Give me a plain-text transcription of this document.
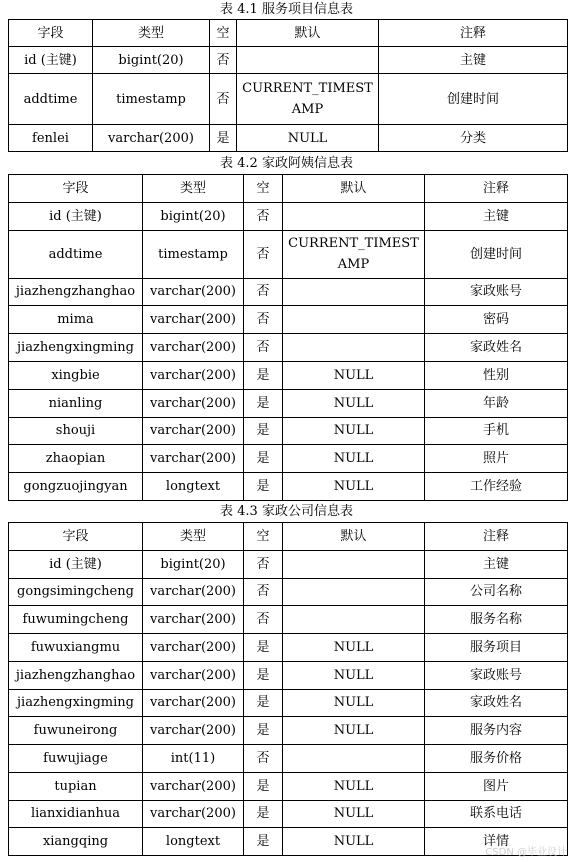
表 4.1 服务项目信息表
字段	类型	空	默认	注释
id (主键)	bigint(20)	否		主键
addtime	timestamp	否	CURRENT_TIMESTAMP	创建时间
fenlei	varchar(200)	是	NULL	分类
表 4.2 家政阿姨信息表
字段	类型	空	默认	注释
id (主键)	bigint(20)	否		主键
addtime	timestamp	否	CURRENT_TIMESTAMP	创建时间
jiazhengzhanghao	varchar(200)	否		家政账号
mima	varchar(200)	否		密码
jiazhengxingming	varchar(200)	否		家政姓名
xingbie	varchar(200)	是	NULL	性别
nianling	varchar(200)	是	NULL	年龄
shouji	varchar(200)	是	NULL	手机
zhaopian	varchar(200)	是	NULL	照片
gongzuojingyan	longtext	是	NULL	工作经验
表 4.3 家政公司信息表
字段	类型	空	默认	注释
id (主键)	bigint(20)	否		主键
gongsimingcheng	varchar(200)	否		公司名称
fuwumingcheng	varchar(200)	否		服务名称
fuwuxiangmu	varchar(200)	是	NULL	服务项目
jiazhengzhanghao	varchar(200)	是	NULL	家政账号
jiazhengxingming	varchar(200)	是	NULL	家政姓名
fuwuneirong	varchar(200)	是	NULL	服务内容
fuwujiage	int(11)	否		服务价格
tupian	varchar(200)	是	NULL	图片
lianxidianhua	varchar(200)	是	NULL	联系电话
xiangqing	longtext	是	NULL	详情
CSDN @毕业设计
